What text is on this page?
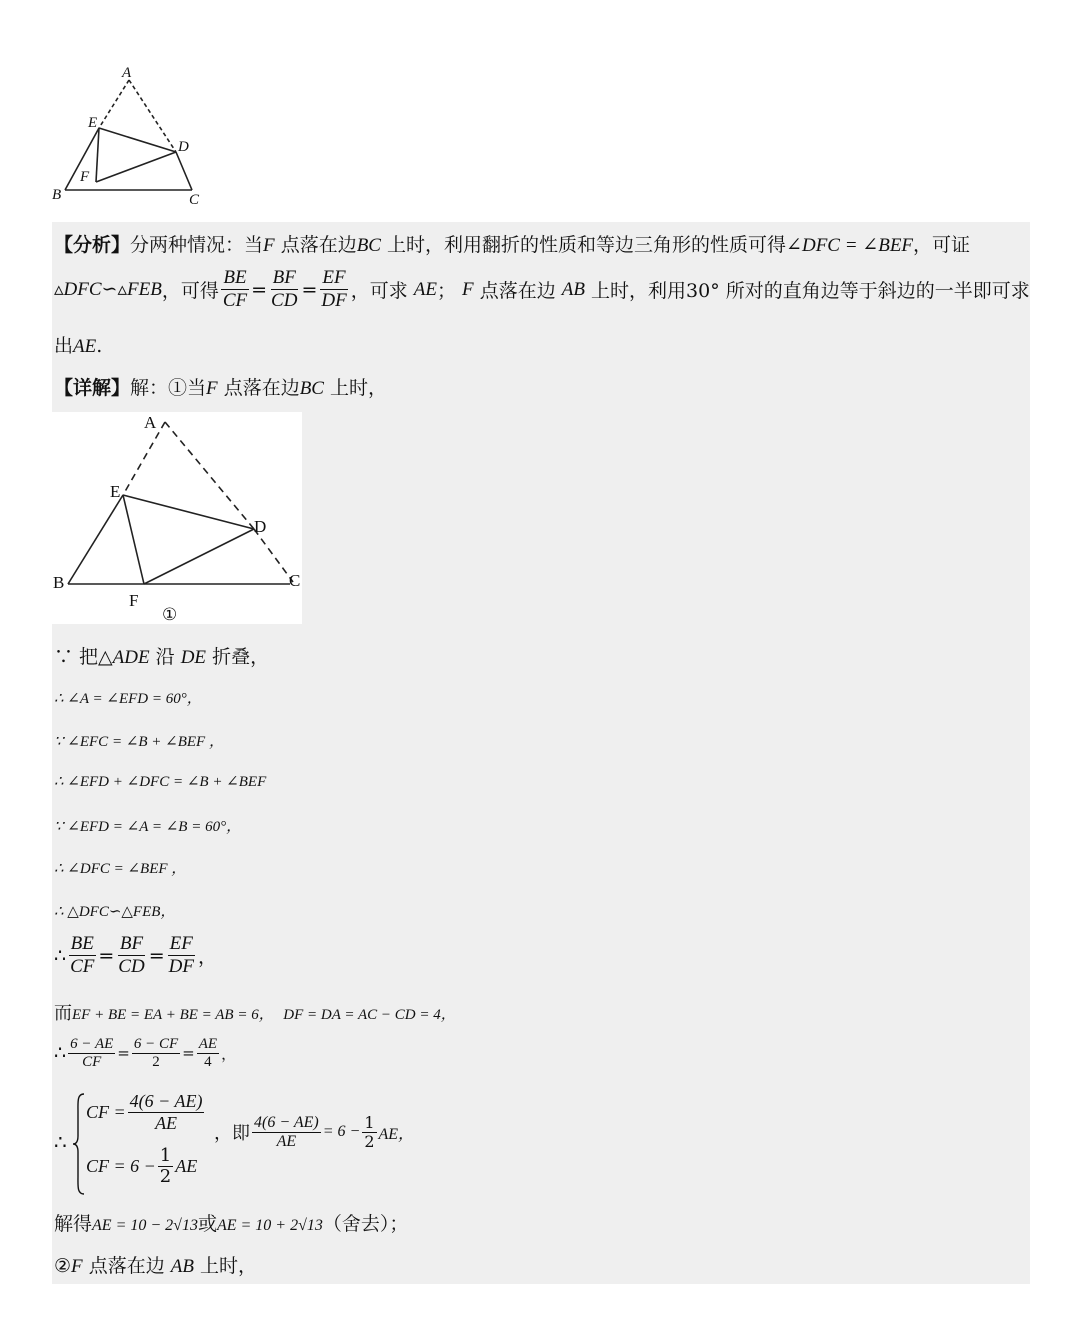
A
E
D
F
B	C
【分析】分两种情况：当F 点落在边BC 上时，利用翻折的性质和等边三角形的性质可得∠DFC = ∠BEF，可证
▵DFC∽▵FEB ，可得 $\frac{BE}{CF} = \frac{BF}{CD} = \frac{EF}{DF}$ ，可求
AE ；
F
点落在边
AB
上时，利用30° 所对的直角边等于斜边的一半即可求
出AE.
【详解】解：①当F 点落在边BC 上时，
A
E
D
B
F
C
①
∵ 把△ADE 沿 DE 折叠，
∴ ∠A = ∠EFD = 60°，
∵ ∠EFC = ∠B + ∠BEF ，
∴ ∠EFD + ∠DFC = ∠B + ∠BEF
∵ ∠EFD = ∠A = ∠B = 60°，
∴ ∠DFC = ∠BEF ，
∴ △DFC∽△FEB，
∴ $\frac{BE}{CF} = \frac{BF}{CD} = \frac{EF}{DF}$ ，
而EF + BE = EA + BE = AB = 6， DF = DA = AC − CD = 4，
∴ $\frac{6 - AE}{CF} = \frac{6 - CF}{2} = \frac{AE}{4}$ ，
∴
CF = $\frac{4(6 - AE)}{AE}$
CF = $6 - \frac{1}{2}$ AE
，即 $\frac{4(6 - AE)}{AE} = 6 - \frac{1}{2}$ AE，
解得AE = 10 − 2√13或AE = 10 + 2√13（舍去）；
②F 点落在边 AB 上时，
